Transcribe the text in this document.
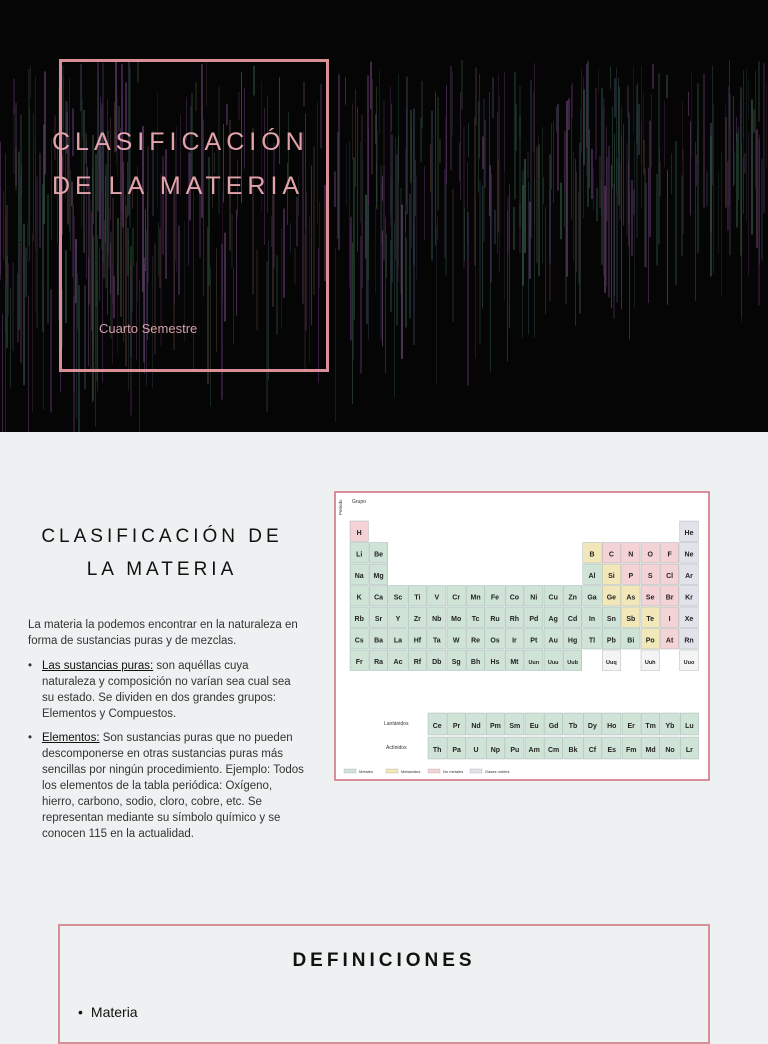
CLASIFICACIÓN
DE LA MATERIA
Cuarto Semestre
CLASIFICACIÓN DE LA MATERIA

La materia la podemos encontrar en la naturaleza en forma de sustancias puras y de mezclas.

• Las sustancias puras: son aquéllas cuya naturaleza y composición no varían sea cual sea su estado. Se dividen en dos grandes grupos: Elementos y Compuestos.
• Elementos: Son sustancias puras que no pueden descomponerse en otras sustancias puras más sencillas por ningún procedimiento. Ejemplo: Todos los elementos de la tabla periódica: Oxígeno, hierro, carbono, sodio, cloro, cobre, etc. Se representan mediante su símbolo químico y se conocen 115 en la actualidad.
Grupo
Periodo
Lantánidos
Actínidos
H	He
Li Be	B C N O F Ne
Na Mg	Al Si P S Cl Ar
K Ca Sc Ti V Cr Mn Fe Co Ni Cu Zn Ga Ge As Se Br Kr
Rb Sr Y Zr Nb Mo Tc Ru Rh Pd Ag Cd In Sn Sb Te I Xe
Cs Ba La Hf Ta W Re Os Ir Pt Au Hg Tl Pb Bi Po At Rn
Fr Ra Ac Rf Db Sg Bh Hs Mt Uun Uuu Uub	Uuq	Uuh	Uuo
Ce Pr Nd Pm Sm Eu Gd Tb Dy Ho Er Tm Yb Lu
Th Pa U Np Pu Am Cm Bk Cf Es Fm Md No Lr
Metales	Metaloides	No metales	Gases nobles
DEFINICIONES
• Materia
